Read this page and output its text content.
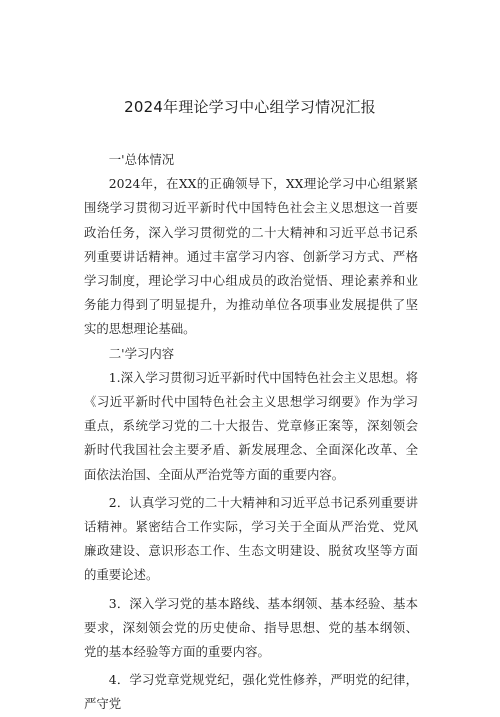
2024年理论学习中心组学习情况汇报

一'总体情况

2024年，在XX的正确领导下，XX理论学习中心组紧紧围绕学习贯彻习近平新时代中国特色社会主义思想这一首要政治任务，深入学习贯彻党的二十大精神和习近平总书记系列重要讲话精神。通过丰富学习内容、创新学习方式、严格学习制度，理论学习中心组成员的政治觉悟、理论素养和业务能力得到了明显提升，为推动单位各项事业发展提供了坚实的思想理论基础。

二'学习内容

1.深入学习贯彻习近平新时代中国特色社会主义思想。将《习近平新时代中国特色社会主义思想学习纲要》作为学习重点，系统学习党的二十大报告、党章修正案等，深刻领会新时代我国社会主要矛盾、新发展理念、全面深化改革、全面依法治国、全面从严治党等方面的重要内容。

2．认真学习党的二十大精神和习近平总书记系列重要讲话精神。紧密结合工作实际，学习关于全面从严治党、党风廉政建设、意识形态工作、生态文明建设、脱贫攻坚等方面的重要论述。

3．深入学习党的基本路线、基本纲领、基本经验、基本要求，深刻领会党的历史使命、指导思想、党的基本纲领、党的基本经验等方面的重要内容。

4．学习党章党规党纪，强化党性修养，严明党的纪律，严守党
